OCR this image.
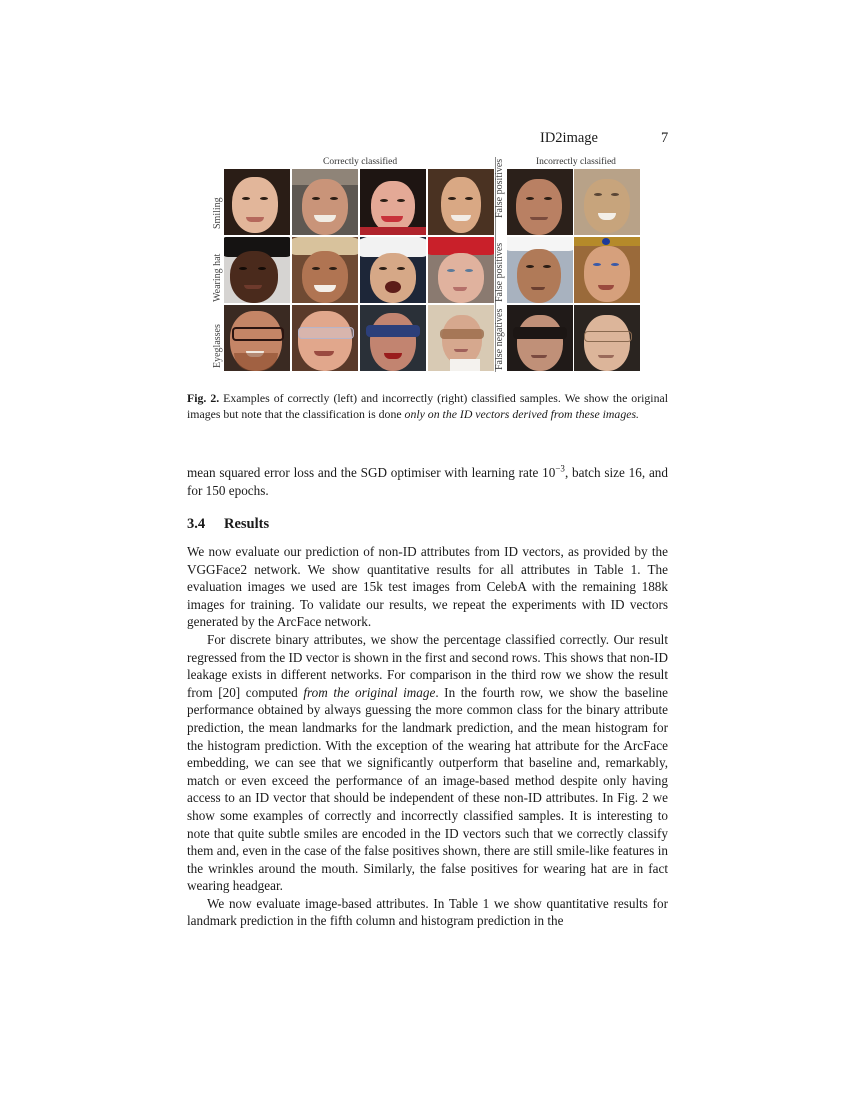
ID2image	7
Correctly classified	Incorrectly classified
Smiling
Wearing hat
Eyeglasses
False positives
False positives
False negatives
Fig. 2. Examples of correctly (left) and incorrectly (right) classified samples. We show the original images but note that the classification is done only on the ID vectors derived from these images.

mean squared error loss and the SGD optimiser with learning rate $10^{-3}$, batch size 16, and for 150 epochs.

3.4 Results

We now evaluate our prediction of non-ID attributes from ID vectors, as provided by the VGGFace2 network. We show quantitative results for all attributes in Table 1. The evaluation images we used are 15k test images from CelebA with the remaining 188k images for training. To validate our results, we repeat the experiments with ID vectors generated by the ArcFace network.

For discrete binary attributes, we show the percentage classified correctly. Our result regressed from the ID vector is shown in the first and second rows. This shows that non-ID leakage exists in different networks. For comparison in the third row we show the result from [20] computed from the original image. In the fourth row, we show the baseline performance obtained by always guessing the more common class for the binary attribute prediction, the mean landmarks for the landmark prediction, and the mean histogram for the histogram prediction. With the exception of the wearing hat attribute for the ArcFace embedding, we can see that we significantly outperform that baseline and, remarkably, match or even exceed the performance of an image-based method despite only having access to an ID vector that should be independent of these non-ID attributes. In Fig. 2 we show some examples of correctly and incorrectly classified samples. It is interesting to note that quite subtle smiles are encoded in the ID vectors such that we correctly classify them and, even in the case of the false positives shown, there are still smile-like features in the wrinkles around the mouth. Similarly, the false positives for wearing hat are in fact wearing headgear.

We now evaluate image-based attributes. In Table 1 we show quantitative results for landmark prediction in the fifth column and histogram prediction in the
